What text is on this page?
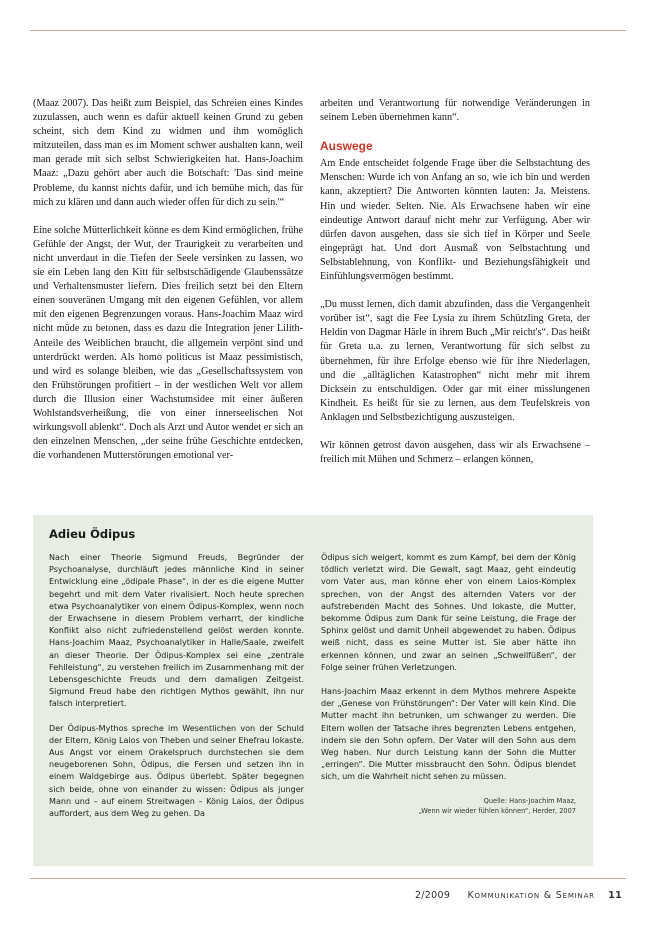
(Maaz 2007). Das heißt zum Beispiel, das Schreien eines Kindes zuzulassen, auch wenn es dafür aktuell keinen Grund zu geben scheint, sich dem Kind zu widmen und ihm womöglich mitzuteilen, dass man es im Moment schwer aushalten kann, weil man gerade mit sich selbst Schwierigkeiten hat. Hans-Joachim Maaz: „Dazu gehört aber auch die Botschaft: 'Das sind meine Probleme, du kannst nichts dafür, und ich bemühe mich, das für mich zu klären und dann auch wieder offen für dich zu sein.'“

Eine solche Mütterlichkeit könne es dem Kind ermöglichen, frühe Gefühle der Angst, der Wut, der Traurigkeit zu verarbeiten und nicht unverdaut in die Tiefen der Seele versinken zu lassen, wo sie ein Leben lang den Kitt für selbstschädigende Glaubenssätze und Verhaltensmuster liefern. Dies freilich setzt bei den Eltern einen souveränen Umgang mit den eigenen Gefühlen, vor allem mit den eigenen Begrenzungen voraus. Hans-Joachim Maaz wird nicht müde zu betonen, dass es dazu die Integration jener Lilith-Anteile des Weiblichen braucht, die allgemein verpönt sind und unterdrückt werden. Als homo politicus ist Maaz pessimistisch, und wird es solange bleiben, wie das „Gesellschaftssystem von den Frühstörungen profitiert – in der westlichen Welt vor allem durch die Illusion einer Wachstumsidee mit einer äußeren Wohlstandsverheißung, die von einer innerseelischen Not wirkungsvoll ablenkt“. Doch als Arzt und Autor wendet er sich an den einzelnen Menschen, „der seine frühe Geschichte entdecken, die vorhandenen Mutterstörungen emotional ver-

arbeiten und Verantwortung für notwendige Veränderungen in seinem Leben übernehmen kann“.

Auswege

Am Ende entscheidet folgende Frage über die Selbstachtung des Menschen: Wurde ich von Anfang an so, wie ich bin und werden kann, akzeptiert? Die Antworten könnten lauten: Ja. Meistens. Hin und wieder. Selten. Nie. Als Erwachsene haben wir eine eindeutige Antwort darauf nicht mehr zur Verfügung. Aber wir dürfen davon ausgehen, dass sie sich tief in Körper und Seele eingeprägt hat. Und dort Ausmaß von Selbstachtung und Selbstablehnung, von Konflikt- und Beziehungsfähigkeit und Einfühlungsvermögen bestimmt.

„Du musst lernen, dich damit abzufinden, dass die Vergangenheit vorüber ist“, sagt die Fee Lysia zu ihrem Schützling Greta, der Heldin von Dagmar Härle in ihrem Buch „Mir reicht's“. Das heißt für Greta u.a. zu lernen, Verantwortung für sich selbst zu übernehmen, für ihre Erfolge ebenso wie für ihre Niederlagen, und die „alltäglichen Katastrophen“ nicht mehr mit ihrem Dicksein zu entschuldigen. Oder gar mit einer misslungenen Kindheit. Es heißt für sie zu lernen, aus dem Teufelskreis von Anklagen und Selbstbezichtigung auszusteigen.

Wir können getrost davon ausgehen, dass wir als Erwachsene – freilich mit Mühen und Schmerz – erlangen können,

Adieu Ödipus

Nach einer Theorie Sigmund Freuds, Begründer der Psychoanalyse, durchläuft jedes männliche Kind in seiner Entwicklung eine „ödipale Phase“, in der es die eigene Mutter begehrt und mit dem Vater rivalisiert. Noch heute sprechen etwa Psychoanalytiker von einem Ödipus-Komplex, wenn noch der Erwachsene in diesem Problem verharrt, der kindliche Konflikt also nicht zufriedenstellend gelöst werden konnte. Hans-Joachim Maaz, Psychoanalytiker in Halle/Saale, zweifelt an dieser Theorie. Der Ödipus-Komplex sei eine „zentrale Fehlleistung“, zu verstehen freilich im Zusammenhang mit der Lebensgeschichte Freuds und dem damaligen Zeitgeist. Sigmund Freud habe den richtigen Mythos gewählt, ihn nur falsch interpretiert.

Der Ödipus-Mythos spreche im Wesentlichen von der Schuld der Eltern, König Laios von Theben und seiner Ehefrau Iokaste. Aus Angst vor einem Orakelspruch durchstechen sie dem neugeborenen Sohn, Ödipus, die Fersen und setzen ihn in einem Waldgebirge aus. Ödipus überlebt. Später begegnen sich beide, ohne von einander zu wissen: Ödipus als junger Mann und – auf einem Streitwagen – König Laios, der Ödipus auffordert, aus dem Weg zu gehen. Da

Ödipus sich weigert, kommt es zum Kampf, bei dem der König tödlich verletzt wird. Die Gewalt, sagt Maaz, geht eindeutig vom Vater aus, man könne eher von einem Laios-Komplex sprechen, von der Angst des alternden Vaters vor der aufstrebenden Macht des Sohnes. Und Iokaste, die Mutter, bekomme Ödipus zum Dank für seine Leistung, die Frage der Sphinx gelöst und damit Unheil abgewendet zu haben. Ödipus weiß nicht, dass es seine Mutter ist. Sie aber hätte ihn erkennen können, und zwar an seinen „Schwellfüßen“, der Folge seiner frühen Verletzungen.

Hans-Joachim Maaz erkennt in dem Mythos mehrere Aspekte der „Genese von Frühstörungen“: Der Vater will kein Kind. Die Mutter macht ihn betrunken, um schwanger zu werden. Die Eltern wollen der Tatsache ihres begrenzten Lebens entgehen, indem sie den Sohn opfern. Der Vater will den Sohn aus dem Weg haben. Nur durch Leistung kann der Sohn die Mutter „erringen“. Die Mutter missbraucht den Sohn. Ödipus blendet sich, um die Wahrheit nicht sehen zu müssen.

Quelle: Hans-Joachim Maaz,
„Wenn wir wieder fühlen können“, Herder, 2007
2/2009 Kommunikation & Seminar 11
